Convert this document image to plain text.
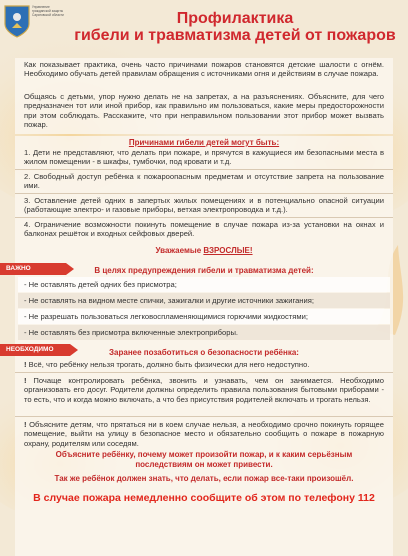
Управление гражданской защиты Саратовской области	Профилактика
гибели и травматизма детей от пожаров
Как показывает практика, очень часто причинами пожаров становятся детские шалости с огнём. Необходимо обучать детей правилам обращения с источниками огня и действиям в случае пожара.
Общаясь с детьми, упор нужно делать не на запретах, а на разъяснениях. Объясните, для чего предназначен тот или иной прибор, как правильно им пользоваться, какие меры предосторожности при этом соблюдать. Расскажите, что при неправильном пользовании этот прибор может вызвать пожар.
Причинами гибели детей могут быть:
1. Дети не представляют, что делать при пожаре, и прячутся в кажущиеся им безопасными места в жилом помещении - в шкафы, тумбочки, под кровати и т.д.
2. Свободный доступ ребёнка к пожароопасным предметам и отсутствие запрета на пользование ими.
3. Оставление детей одних в запертых жилых помещениях и в потенциально опасной ситуации (работающие электро- и газовые приборы, ветхая электропроводка и т.д.).
4. Ограничение возможности покинуть помещение в случае пожара из-за установки на окнах и балконах решёток и входных сейфовых дверей.
Уважаемые ВЗРОСЛЫЕ!
ВАЖНО	В целях предупреждения гибели и травматизма детей:
- Не оставлять детей одних без присмотра;
- Не оставлять на видном месте спички, зажигалки и другие источники зажигания;
- Не разрешать пользоваться легковоспламеняющимися горючими жидкостями;
- Не оставлять без присмотра включенные электроприборы.
НЕОБХОДИМО	Заранее позаботиться о безопасности ребёнка:
! Всё, что ребёнку нельзя трогать, должно быть физически для него недоступно.
! Почаще контролировать ребёнка, звонить и узнавать, чем он занимается. Необходимо организовать его досуг. Родители должны определить правила пользования бытовыми приборами - то есть, что и когда можно включать, а что без присутствия родителей включать и трогать нельзя.
! Объясните детям, что прятаться ни в коем случае нельзя, а необходимо срочно покинуть горящее помещение, выйти на улицу в безопасное место и обязательно сообщить о пожаре в пожарную охрану, родителям или соседям.
Объясните ребёнку, почему может произойти пожар, и к каким серьёзным последствиям он может привести.
Так же ребёнок должен знать, что делать, если пожар все-таки произошёл.
В случае пожара немедленно сообщите об этом по телефону 112
